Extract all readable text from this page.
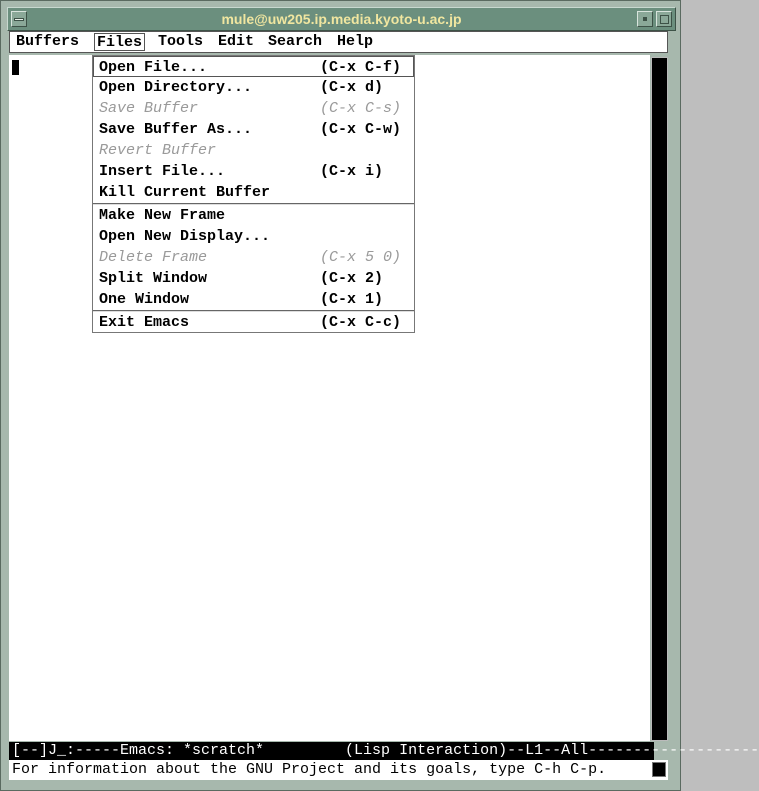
mule@uw205.ip.media.kyoto-u.ac.jp
Buffers Files Tools Edit Search Help
[--]J_:-----Emacs: *scratch*         (Lisp Interaction)--L1--All-------------------
For information about the GNU Project and its goals, type C-h C-p.
Open File...	(C-x C-f)
Open Directory...	(C-x d)
Save Buffer	(C-x C-s)
Save Buffer As...	(C-x C-w)
Revert Buffer
Insert File...	(C-x i)
Kill Current Buffer
Make New Frame
Open New Display...
Delete Frame	(C-x 5 0)
Split Window	(C-x 2)
One Window	(C-x 1)
Exit Emacs	(C-x C-c)
